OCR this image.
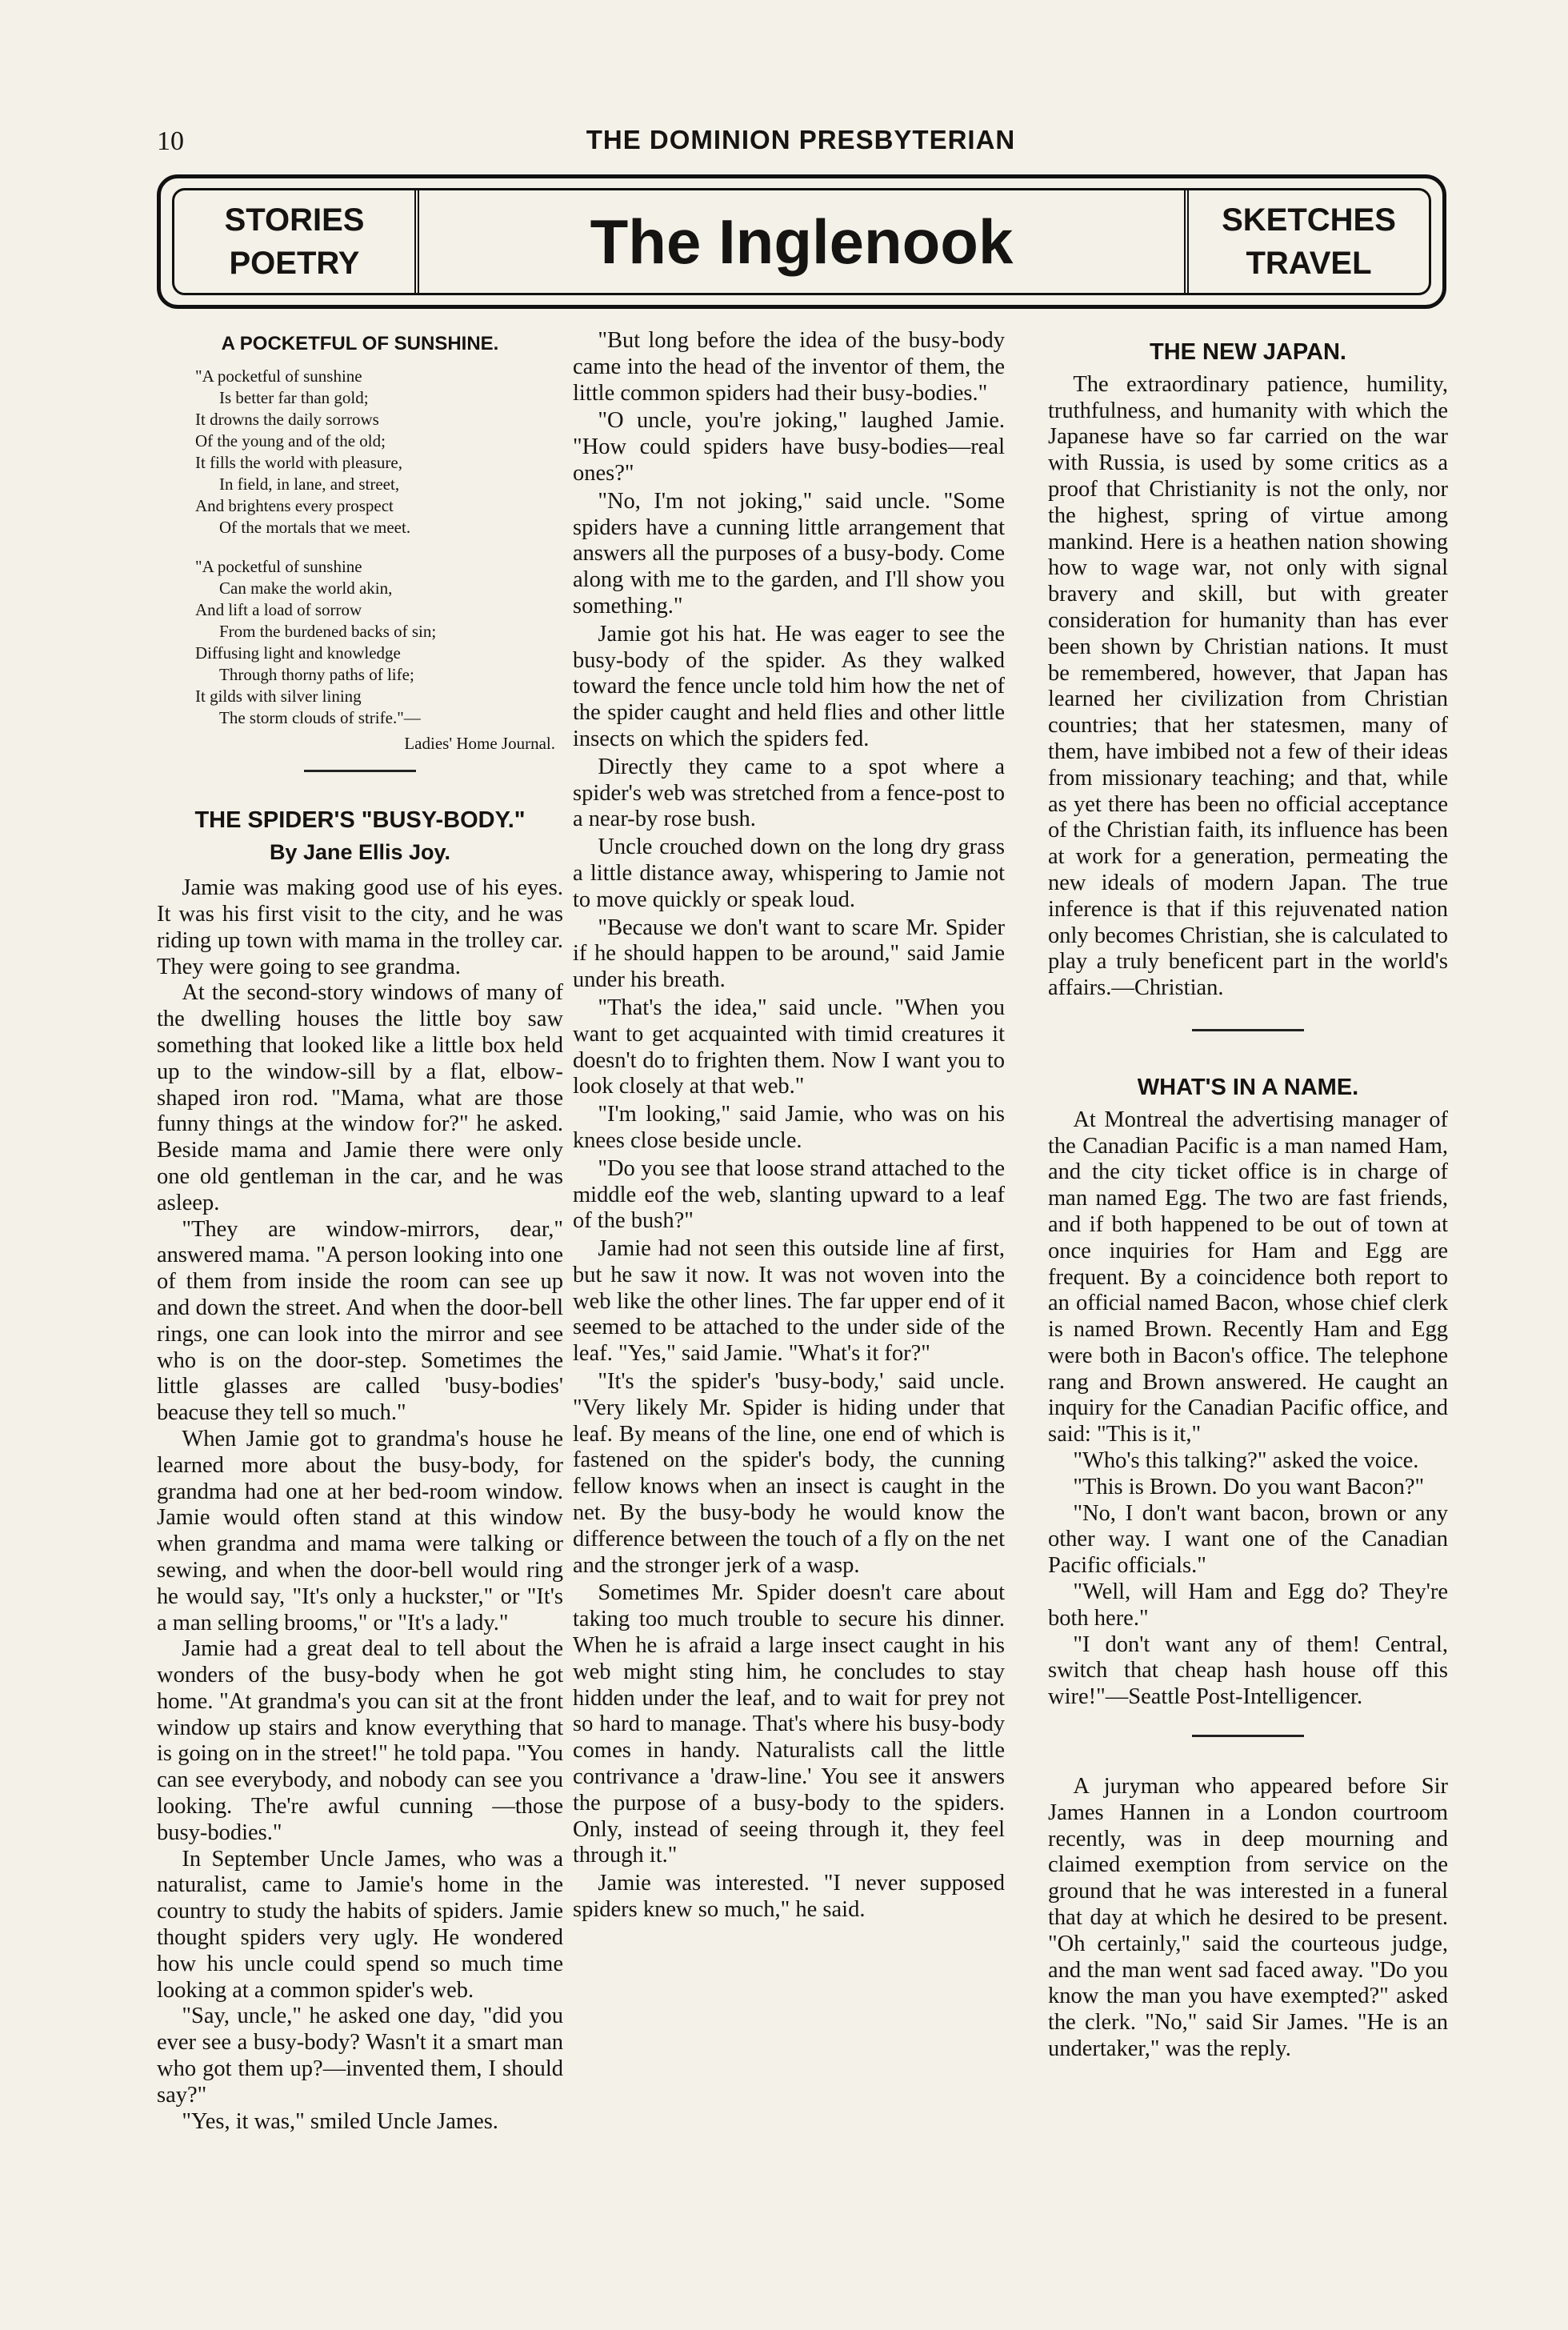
10	THE DOMINION PRESBYTERIAN
STORIES
POETRY	The Inglenook	SKETCHES
TRAVEL
A POCKETFUL OF SUNSHINE.
"A pocketful of sunshine
Is better far than gold;
It drowns the daily sorrows
Of the young and of the old;
It fills the world with pleasure,
In field, in lane, and street,
And brightens every prospect
Of the mortals that we meet.
"A pocketful of sunshine
Can make the world akin,
And lift a load of sorrow
From the burdened backs of sin;
Diffusing light and knowledge
Through thorny paths of life;
It gilds with silver lining
The storm clouds of strife."—
Ladies' Home Journal.
THE SPIDER'S "BUSY-BODY."
By Jane Ellis Joy.

Jamie was making good use of his eyes. It was his first visit to the city, and he was riding up town with mama in the trolley car. They were going to see grandma.

At the second-story windows of many of the dwelling houses the little boy saw something that looked like a little box held up to the window-sill by a flat, elbow-shaped iron rod. "Mama, what are those funny things at the window for?" he asked. Beside mama and Jamie there were only one old gentleman in the car, and he was asleep.

"They are window-mirrors, dear," answered mama. "A person looking into one of them from inside the room can see up and down the street. And when the door-bell rings, one can look into the mirror and see who is on the door-step. Sometimes the little glasses are called 'busy-bodies' beacuse they tell so much."

When Jamie got to grandma's house he learned more about the busy-body, for grandma had one at her bed-room window. Jamie would often stand at this window when grandma and mama were talking or sewing, and when the door-bell would ring he would say, "It's only a huckster," or "It's a man selling brooms," or "It's a lady."

Jamie had a great deal to tell about the wonders of the busy-body when he got home. "At grandma's you can sit at the front window up stairs and know everything that is going on in the street!" he told papa. "You can see everybody, and nobody can see you looking. The're awful cunning —those busy-bodies."

In September Uncle James, who was a naturalist, came to Jamie's home in the country to study the habits of spiders. Jamie thought spiders very ugly. He wondered how his uncle could spend so much time looking at a common spider's web.

"Say, uncle," he asked one day, "did you ever see a busy-body? Wasn't it a smart man who got them up?—invented them, I should say?"

"Yes, it was," smiled Uncle James.

"But long before the idea of the busy-body came into the head of the inventor of them, the little common spiders had their busy-bodies."

"O uncle, you're joking," laughed Jamie. "How could spiders have busy-bodies—real ones?"

"No, I'm not joking," said uncle. "Some spiders have a cunning little arrangement that answers all the purposes of a busy-body. Come along with me to the garden, and I'll show you something."

Jamie got his hat. He was eager to see the busy-body of the spider. As they walked toward the fence uncle told him how the net of the spider caught and held flies and other little insects on which the spiders fed.

Directly they came to a spot where a spider's web was stretched from a fence-post to a near-by rose bush.

Uncle crouched down on the long dry grass a little distance away, whispering to Jamie not to move quickly or speak loud.

"Because we don't want to scare Mr. Spider if he should happen to be around," said Jamie under his breath.

"That's the idea," said uncle. "When you want to get acquainted with timid creatures it doesn't do to frighten them. Now I want you to look closely at that web."

"I'm looking," said Jamie, who was on his knees close beside uncle.

"Do you see that loose strand attached to the middle eof the web, slanting upward to a leaf of the bush?"

Jamie had not seen this outside line af first, but he saw it now. It was not woven into the web like the other lines. The far upper end of it seemed to be attached to the under side of the leaf. "Yes," said Jamie. "What's it for?"

"It's the spider's 'busy-body,' said uncle. "Very likely Mr. Spider is hiding under that leaf. By means of the line, one end of which is fastened on the spider's body, the cunning fellow knows when an insect is caught in the net. By the busy-body he would know the difference between the touch of a fly on the net and the stronger jerk of a wasp.

Sometimes Mr. Spider doesn't care about taking too much trouble to secure his dinner. When he is afraid a large insect caught in his web might sting him, he concludes to stay hidden under the leaf, and to wait for prey not so hard to manage. That's where his busy-body comes in handy. Naturalists call the little contrivance a 'draw-line.' You see it answers the purpose of a busy-body to the spiders. Only, instead of seeing through it, they feel through it."

Jamie was interested. "I never supposed spiders knew so much," he said.

THE NEW JAPAN.

The extraordinary patience, humility, truthfulness, and humanity with which the Japanese have so far carried on the war with Russia, is used by some critics as a proof that Christianity is not the only, nor the highest, spring of virtue among mankind. Here is a heathen nation showing how to wage war, not only with signal bravery and skill, but with greater consideration for humanity than has ever been shown by Christian nations. It must be remembered, however, that Japan has learned her civilization from Christian countries; that her statesmen, many of them, have imbibed not a few of their ideas from missionary teaching; and that, while as yet there has been no official acceptance of the Christian faith, its influence has been at work for a generation, permeating the new ideals of modern Japan. The true inference is that if this rejuvenated nation only becomes Christian, she is calculated to play a truly beneficent part in the world's affairs.—Christian.

WHAT'S IN A NAME.

At Montreal the advertising manager of the Canadian Pacific is a man named Ham, and the city ticket office is in charge of man named Egg. The two are fast friends, and if both happened to be out of town at once inquiries for Ham and Egg are frequent. By a coincidence both report to an official named Bacon, whose chief clerk is named Brown. Recently Ham and Egg were both in Bacon's office. The telephone rang and Brown answered. He caught an inquiry for the Canadian Pacific office, and said: "This is it,"

"Who's this talking?" asked the voice.

"This is Brown. Do you want Bacon?"

"No, I don't want bacon, brown or any other way. I want one of the Canadian Pacific officials."

"Well, will Ham and Egg do? They're both here."

"I don't want any of them! Central, switch that cheap hash house off this wire!"—Seattle Post-Intelligencer.

A juryman who appeared before Sir James Hannen in a London courtroom recently, was in deep mourning and claimed exemption from service on the ground that he was interested in a funeral that day at which he desired to be present. "Oh certainly," said the courteous judge, and the man went sad faced away. "Do you know the man you have exempted?" asked the clerk. "No," said Sir James. "He is an undertaker," was the reply.
